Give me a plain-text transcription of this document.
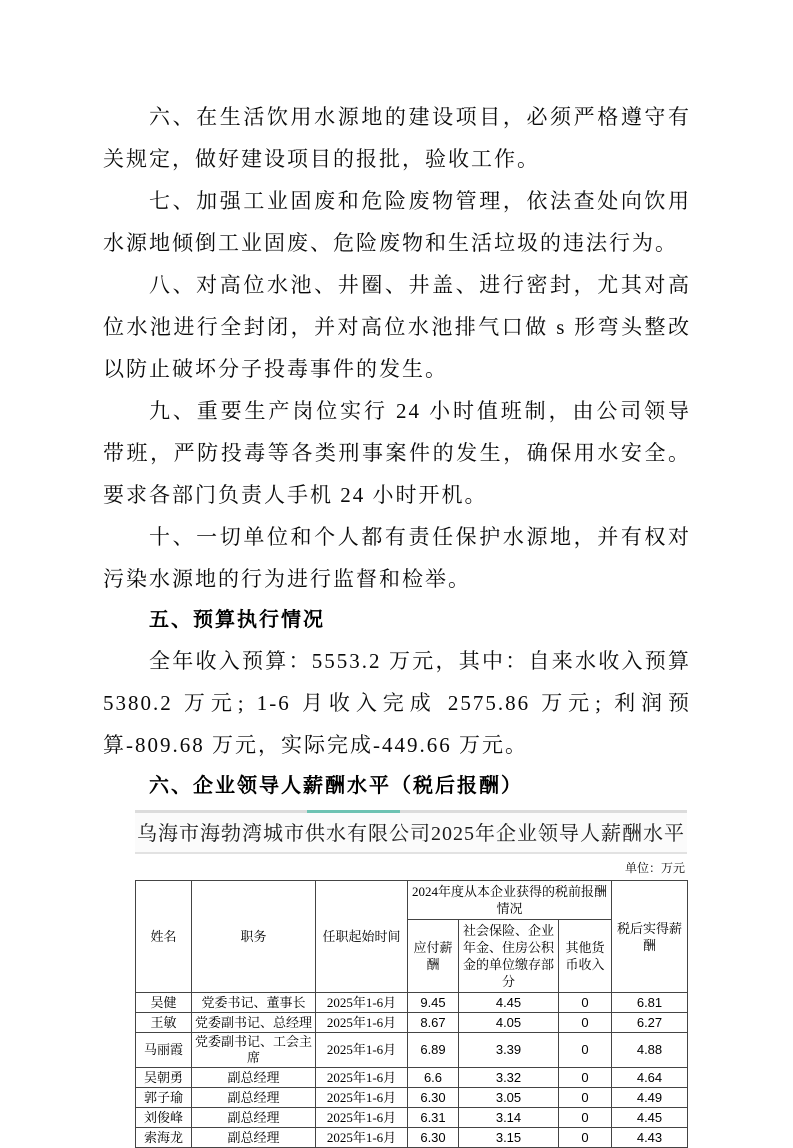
六、在生活饮用水源地的建设项目，必须严格遵守有关规定，做好建设项目的报批，验收工作。

七、加强工业固废和危险废物管理，依法查处向饮用水源地倾倒工业固废、危险废物和生活垃圾的违法行为。

八、对高位水池、井圈、井盖、进行密封，尤其对高位水池进行全封闭，并对高位水池排气口做 s 形弯头整改以防止破坏分子投毒事件的发生。

九、重要生产岗位实行 24 小时值班制，由公司领导带班，严防投毒等各类刑事案件的发生，确保用水安全。要求各部门负责人手机 24 小时开机。

十、一切单位和个人都有责任保护水源地，并有权对污染水源地的行为进行监督和检举。

五、预算执行情况

全年收入预算：5553.2 万元，其中：自来水收入预算 5380.2 万元; 1-6 月收入完成 2575.86 万元; 利润预算-809.68 万元，实际完成-449.66 万元。

六、企业领导人薪酬水平（税后报酬）
乌海市海勃湾城市供水有限公司2025年企业领导人薪酬水平
单位：万元
姓名	职务	任职起始时间	2024年度从本企业获得的税前报酬情况			税后实得薪酬
			应付薪酬	社会保险、企业年金、住房公积金的单位缴存部分	其他货币收入	
吴健	党委书记、董事长	2025年1-6月	9.45	4.45	0	6.81
王敏	党委副书记、总经理	2025年1-6月	8.67	4.05	0	6.27
马丽霞	党委副书记、工会主席	2025年1-6月	6.89	3.39	0	4.88
吴朝勇	副总经理	2025年1-6月	6.6	3.32	0	4.64
郭子瑜	副总经理	2025年1-6月	6.30	3.05	0	4.49
刘俊峰	副总经理	2025年1-6月	6.31	3.14	0	4.45
索海龙	副总经理	2025年1-6月	6.30	3.15	0	4.43
